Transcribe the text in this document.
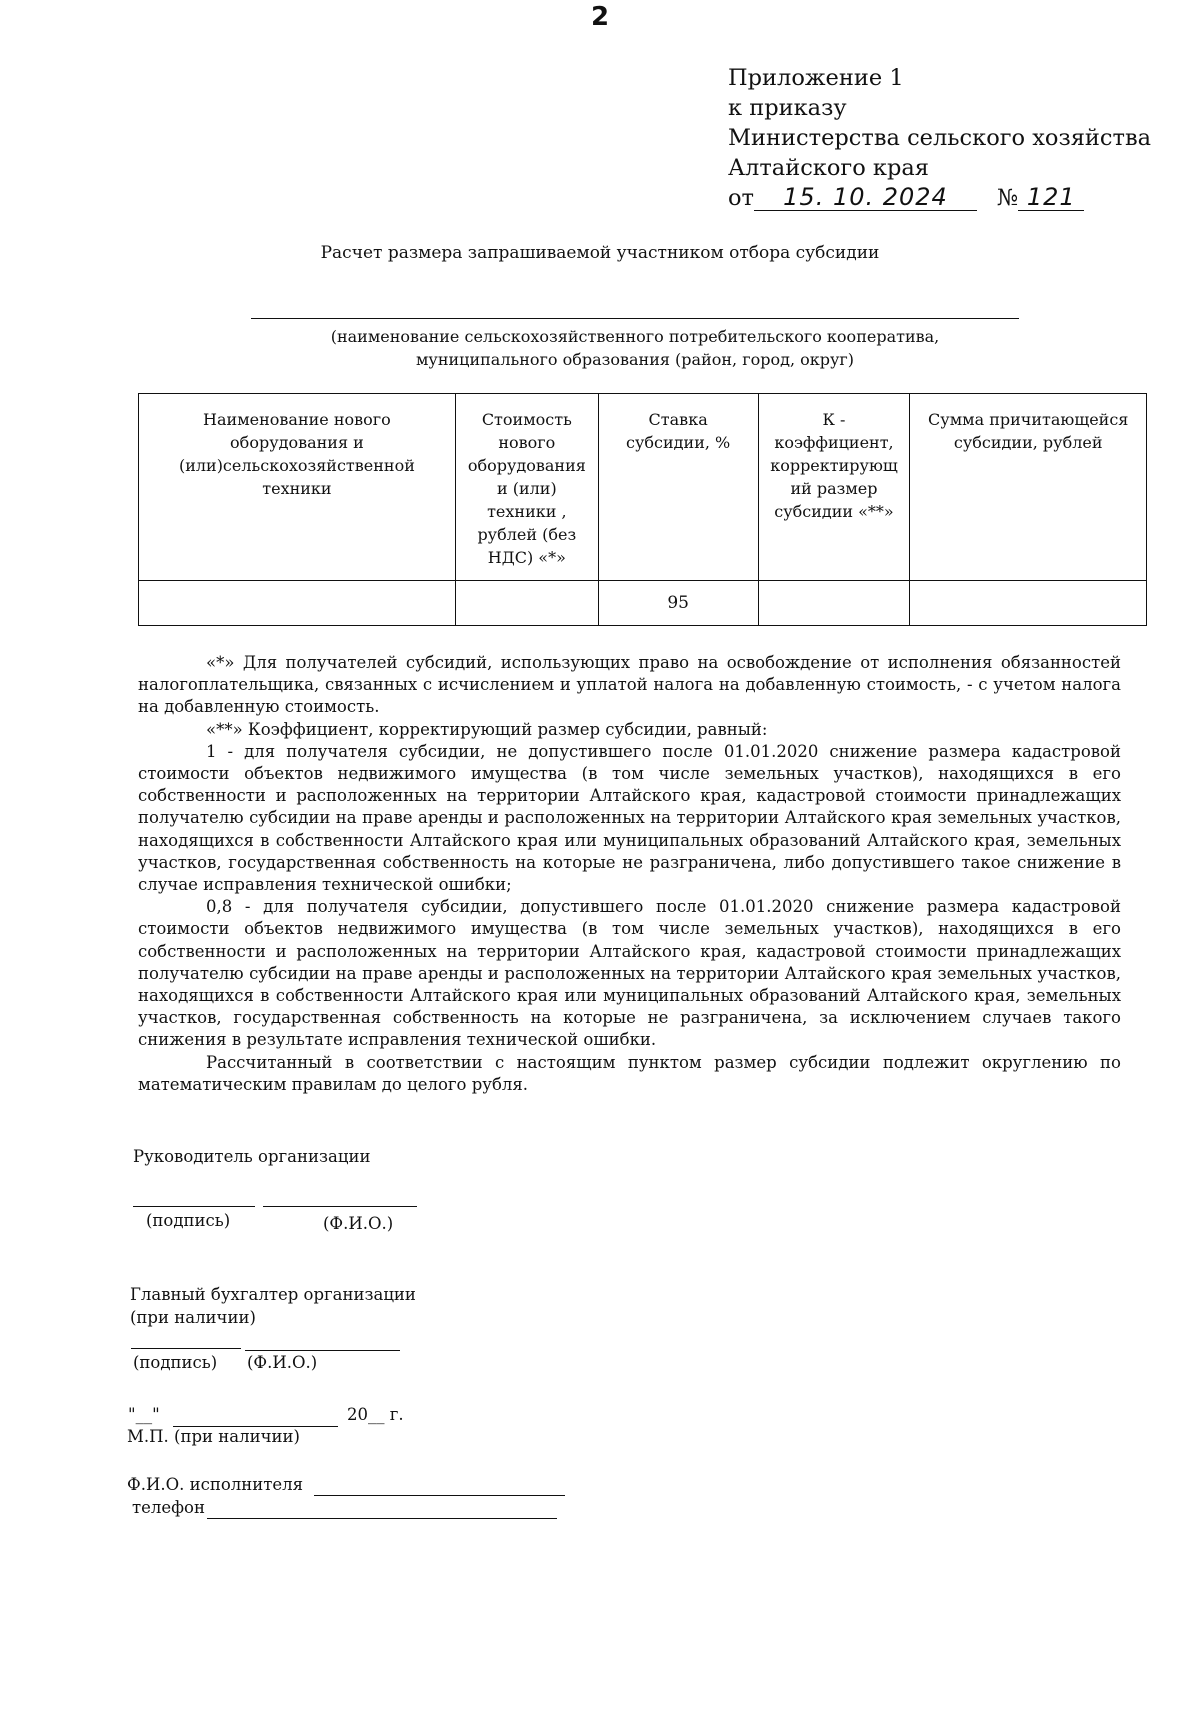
2
Приложение 1
к приказу
Министерства сельского хозяйства
Алтайского края
от 15. 10. 2024 № 121
Расчет размера запрашиваемой участником отбора субсидии
(наименование сельскохозяйственного потребительского кооператива,
муниципального образования (район, город, округ)
Наименование нового оборудования и (или)сельскохозяйственной техники	Стоимость нового оборудования и (или) техники , рублей (без НДС) «*»	Ставка субсидии, %	К - коэффициент, корректирующ ий размер субсидии «**»	Сумма причитающейся субсидии, рублей
		95		

«*» Для получателей субсидий, использующих право на освобождение от исполнения обязанностей налогоплательщика, связанных с исчислением и уплатой налога на добавленную стоимость, - с учетом налога на добавленную стоимость.

«**» Коэффициент, корректирующий размер субсидии, равный:

1 - для получателя субсидии, не допустившего после 01.01.2020 снижение размера кадастровой стоимости объектов недвижимого имущества (в том числе земельных участков), находящихся в его собственности и расположенных на территории Алтайского края, кадастровой стоимости принадлежащих получателю субсидии на праве аренды и расположенных на территории Алтайского края земельных участков, находящихся в собственности Алтайского края или муниципальных образований Алтайского края, земельных участков, государственная собственность на которые не разграничена, либо допустившего такое снижение в случае исправления технической ошибки;

0,8 - для получателя субсидии, допустившего после 01.01.2020 снижение размера кадастровой стоимости объектов недвижимого имущества (в том числе земельных участков), находящихся в его собственности и расположенных на территории Алтайского края, кадастровой стоимости принадлежащих получателю субсидии на праве аренды и расположенных на территории Алтайского края земельных участков, находящихся в собственности Алтайского края или муниципальных образований Алтайского края, земельных участков, государственная собственность на которые не разграничена, за исключением случаев такого снижения в результате исправления технической ошибки.

Рассчитанный в соответствии с настоящим пунктом размер субсидии подлежит округлению по математическим правилам до целого рубля.

Руководитель организации
(подпись)	(Ф.И.О.)
Главный бухгалтер организации
(при наличии)
(подпись) (Ф.И.О.)
"__"	20__ г.
М.П. (при наличии)
Ф.И.О. исполнителя
телефон
